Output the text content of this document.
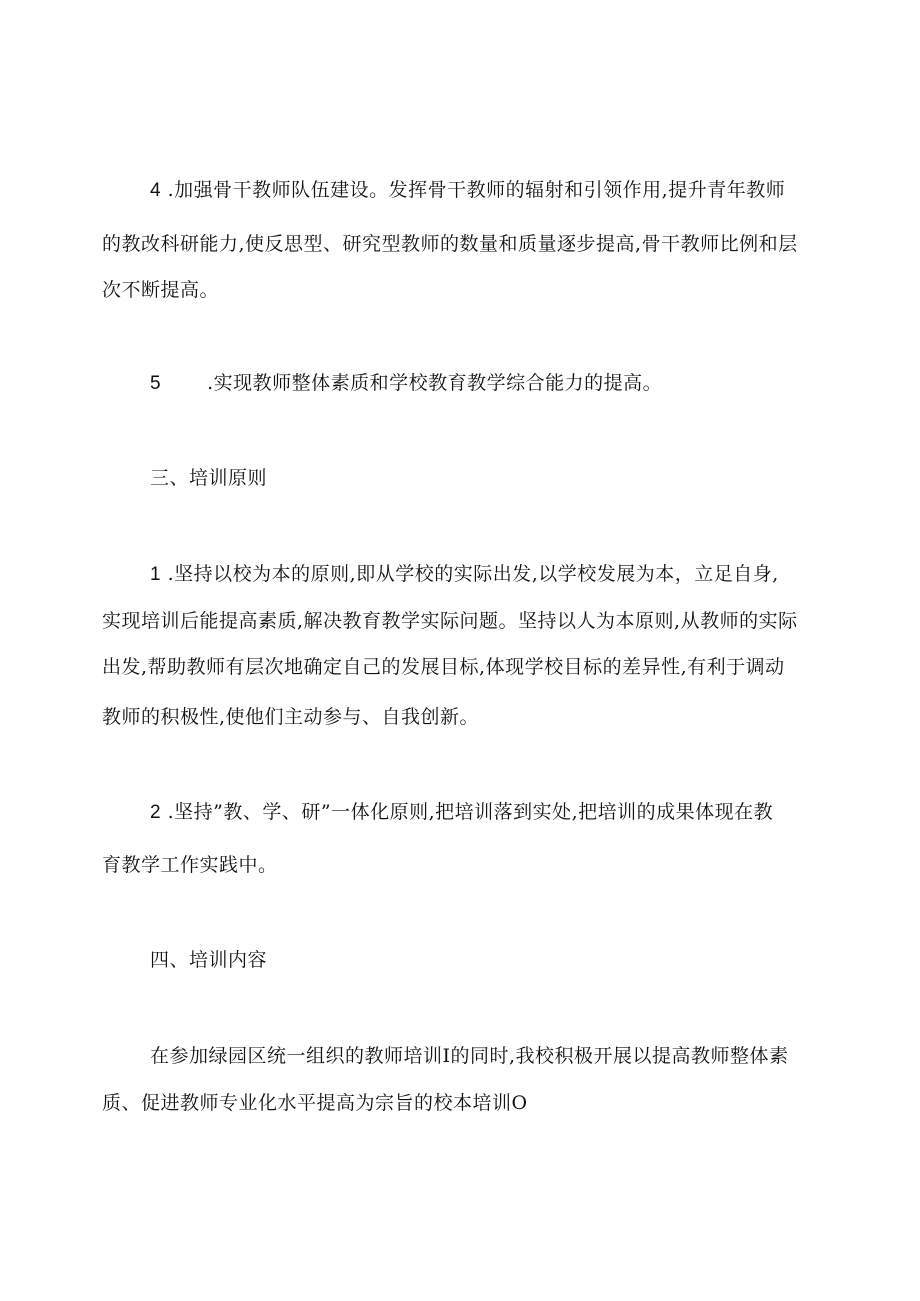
4 .加强骨干教师队伍建设。发挥骨干教师的辐射和引领作用,提升青年教师
的教改科研能力,使反思型、研究型教师的数量和质量逐步提高,骨干教师比例和层
次不断提高。
5 .实现教师整体素质和学校教育教学综合能力的提高。
三、培训原则
1 .坚持以校为本的原则,即从学校的实际出发,以学校发展为本，立足自身,
实现培训后能提高素质,解决教育教学实际问题。坚持以人为本原则,从教师的实际
出发,帮助教师有层次地确定自己的发展目标,体现学校目标的差异性,有利于调动
教师的积极性,使他们主动参与、自我创新。
2 .坚持”教、学、研”一体化原则,把培训落到实处,把培训的成果体现在教
育教学工作实践中。
四、培训内容
在参加绿园区统一组织的教师培训I的同时,我校积极开展以提高教师整体素
质、促进教师专业化水平提高为宗旨的校本培训O
